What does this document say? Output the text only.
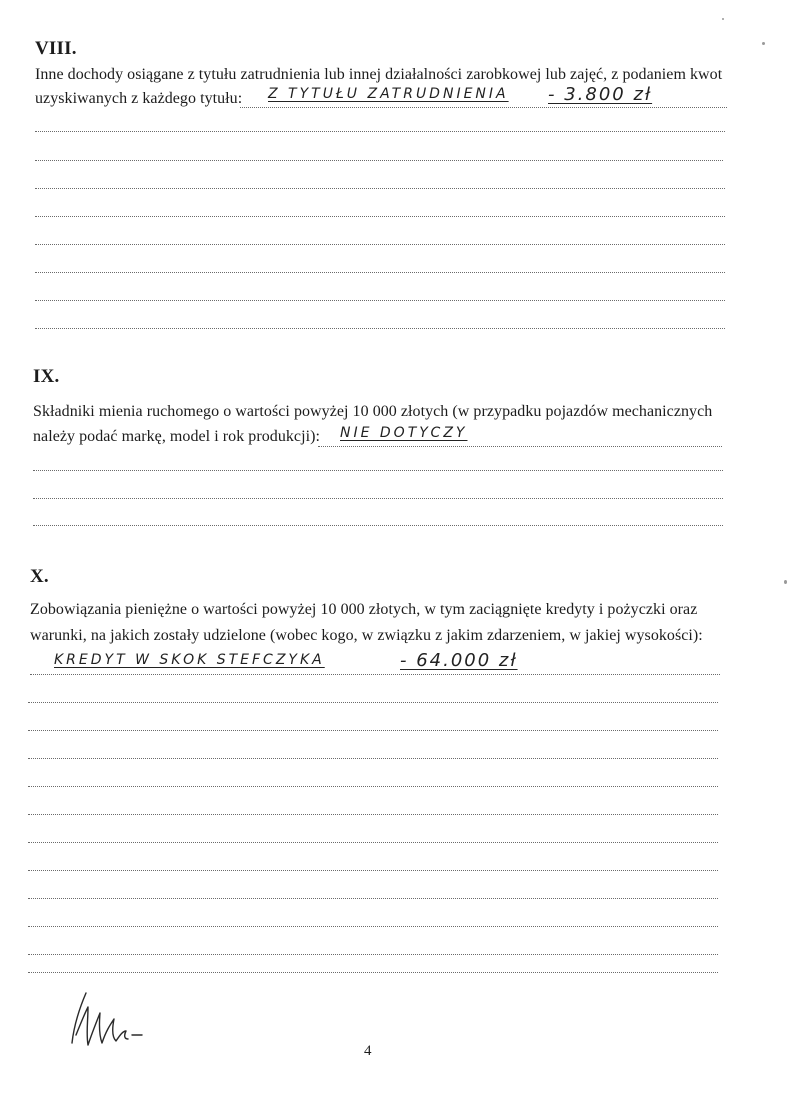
VIII.
Inne dochody osiągane z tytułu zatrudnienia lub innej działalności zarobkowej lub zajęć, z podaniem kwot
uzyskiwanych z każdego tytułu: Z TYTUŁU ZATRUDNIENIA - 3.800 zł
IX.
Składniki mienia ruchomego o wartości powyżej 10 000 złotych (w przypadku pojazdów mechanicznych
należy podać markę, model i rok produkcji): NIE DOTYCZY
X.
Zobowiązania pieniężne o wartości powyżej 10 000 złotych, w tym zaciągnięte kredyty i pożyczki oraz
warunki, na jakich zostały udzielone (wobec kogo, w związku z jakim zdarzeniem, w jakiej wysokości):
KREDYT W SKOK STEFCZYKA	- 64.000 zł
4
